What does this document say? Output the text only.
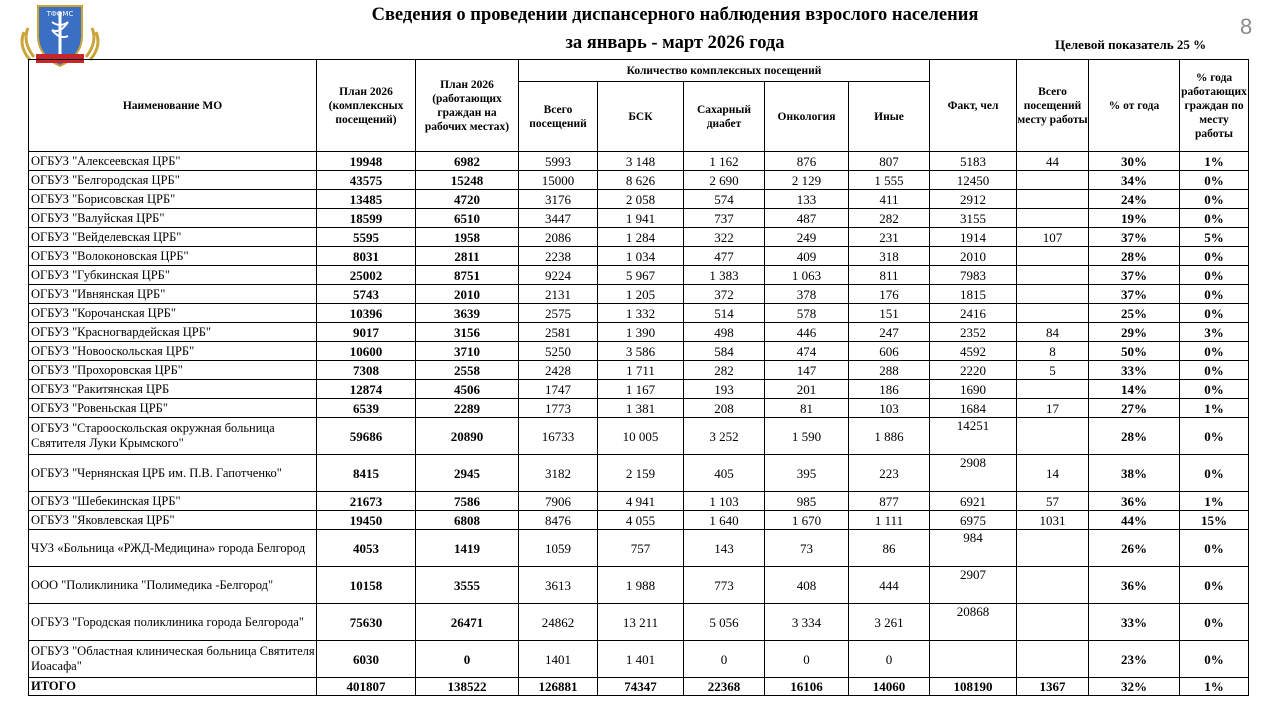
ТФОМС	Сведения о проведении диспансерного наблюдения взрослого населения
за январь - март 2026 года	Целевой показатель 25 %
8
Наименование МО	План 2026 (комплексных посещений)	План 2026 (работающих граждан на рабочих местах)	Количество комплексных посещений					Факт, чел	Всего посещений месту работы	% от года	% года работающих граждан по месту работы
			Всего посещений	БСК	Сахарный диабет	Онкология	Иные				
ОГБУЗ "Алексеевская ЦРБ"	19948	6982	5993	3 148	1 162	876	807	5183	44	30%	1%
ОГБУЗ "Белгородская ЦРБ"	43575	15248	15000	8 626	2 690	2 129	1 555	12450		34%	0%
ОГБУЗ "Борисовская ЦРБ"	13485	4720	3176	2 058	574	133	411	2912		24%	0%
ОГБУЗ "Валуйская ЦРБ"	18599	6510	3447	1 941	737	487	282	3155		19%	0%
ОГБУЗ "Вейделевская ЦРБ"	5595	1958	2086	1 284	322	249	231	1914	107	37%	5%
ОГБУЗ "Волоконовская ЦРБ"	8031	2811	2238	1 034	477	409	318	2010		28%	0%
ОГБУЗ "Губкинская ЦРБ"	25002	8751	9224	5 967	1 383	1 063	811	7983		37%	0%
ОГБУЗ "Ивнянская ЦРБ"	5743	2010	2131	1 205	372	378	176	1815		37%	0%
ОГБУЗ "Корочанская ЦРБ"	10396	3639	2575	1 332	514	578	151	2416		25%	0%
ОГБУЗ "Красногвардейская ЦРБ"	9017	3156	2581	1 390	498	446	247	2352	84	29%	3%
ОГБУЗ "Новооскольская ЦРБ"	10600	3710	5250	3 586	584	474	606	4592	8	50%	0%
ОГБУЗ "Прохоровская ЦРБ"	7308	2558	2428	1 711	282	147	288	2220	5	33%	0%
ОГБУЗ "Ракитянская ЦРБ	12874	4506	1747	1 167	193	201	186	1690		14%	0%
ОГБУЗ "Ровеньская ЦРБ"	6539	2289	1773	1 381	208	81	103	1684	17	27%	1%
ОГБУЗ "Старооскольская окружная больница Святителя Луки Крымского"	59686	20890	16733	10 005	3 252	1 590	1 886	14251		28%	0%
ОГБУЗ "Чернянская ЦРБ им. П.В. Гапотченко"	8415	2945	3182	2 159	405	395	223	2908	14	38%	0%
ОГБУЗ "Шебекинская ЦРБ"	21673	7586	7906	4 941	1 103	985	877	6921	57	36%	1%
ОГБУЗ "Яковлевская ЦРБ"	19450	6808	8476	4 055	1 640	1 670	1 111	6975	1031	44%	15%
ЧУЗ «Больница «РЖД-Медицина» города Белгород	4053	1419	1059	757	143	73	86	984		26%	0%
ООО "Поликлиника "Полимедика -Белгород"	10158	3555	3613	1 988	773	408	444	2907		36%	0%
ОГБУЗ "Городская поликлиника города Белгорода"	75630	26471	24862	13 211	5 056	3 334	3 261	20868		33%	0%
ОГБУЗ "Областная клиническая больница Святителя Иоасафа"	6030	0	1401	1 401	0	0	0			23%	0%
ИТОГО	401807	138522	126881	74347	22368	16106	14060	108190	1367	32%	1%
